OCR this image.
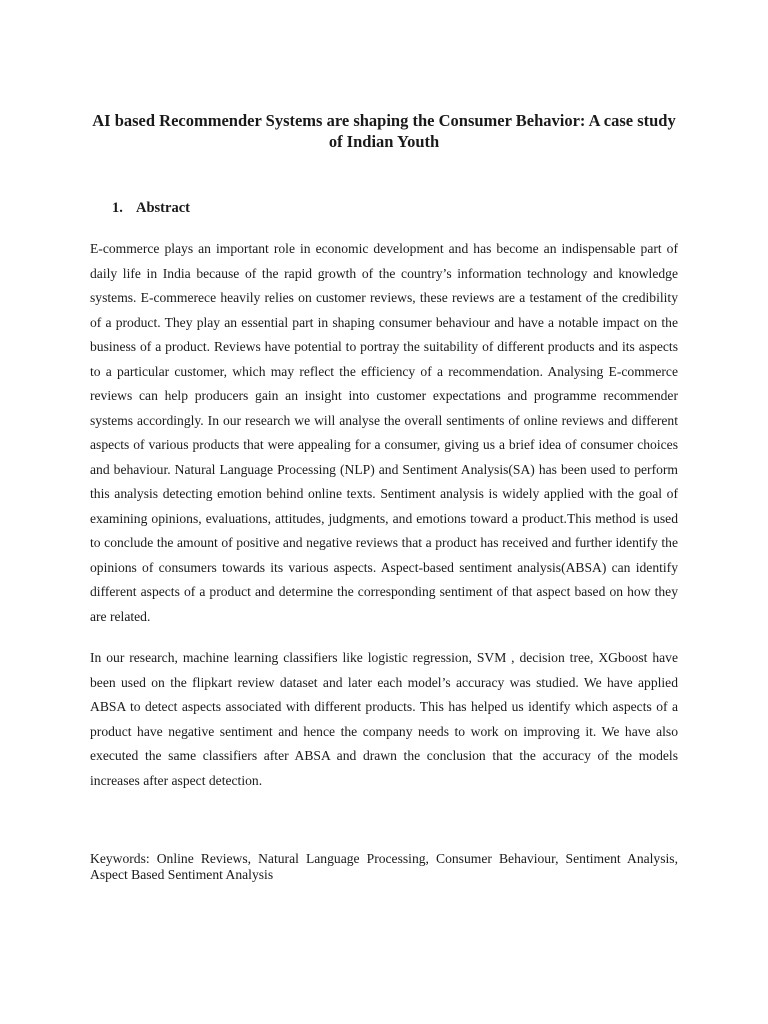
AI based Recommender Systems are shaping the Consumer Behavior: A case study of Indian Youth
1. Abstract

E-commerce plays an important role in economic development and has become an indispensable part of daily life in India because of the rapid growth of the country’s information technology and knowledge systems. E-commerece heavily relies on customer reviews, these reviews are a testament of the credibility of a product. They play an essential part in shaping consumer behaviour and have a notable impact on the business of a product. Reviews have potential to portray the suitability of different products and its aspects to a particular customer, which may reflect the efficiency of a recommendation. Analysing E-commerce reviews can help producers gain an insight into customer expectations and programme recommender systems accordingly. In our research we will analyse the overall sentiments of online reviews and different aspects of various products that were appealing for a consumer, giving us a brief idea of consumer choices and behaviour. Natural Language Processing (NLP) and Sentiment Analysis(SA) has been used to perform this analysis detecting emotion behind online texts. Sentiment analysis is widely applied with the goal of examining opinions, evaluations, attitudes, judgments, and emotions toward a product.This method is used to conclude the amount of positive and negative reviews that a product has received and further identify the opinions of consumers towards its various aspects. Aspect-based sentiment analysis(ABSA) can identify different aspects of a product and determine the corresponding sentiment of that aspect based on how they are related.

In our research, machine learning classifiers like logistic regression, SVM , decision tree, XGboost have been used on the flipkart review dataset and later each model’s accuracy was studied. We have applied ABSA to detect aspects associated with different products. This has helped us identify which aspects of a product have negative sentiment and hence the company needs to work on improving it. We have also executed the same classifiers after ABSA and drawn the conclusion that the accuracy of the models increases after aspect detection.

Keywords: Online Reviews, Natural Language Processing, Consumer Behaviour, Sentiment Analysis, Aspect Based Sentiment Analysis
